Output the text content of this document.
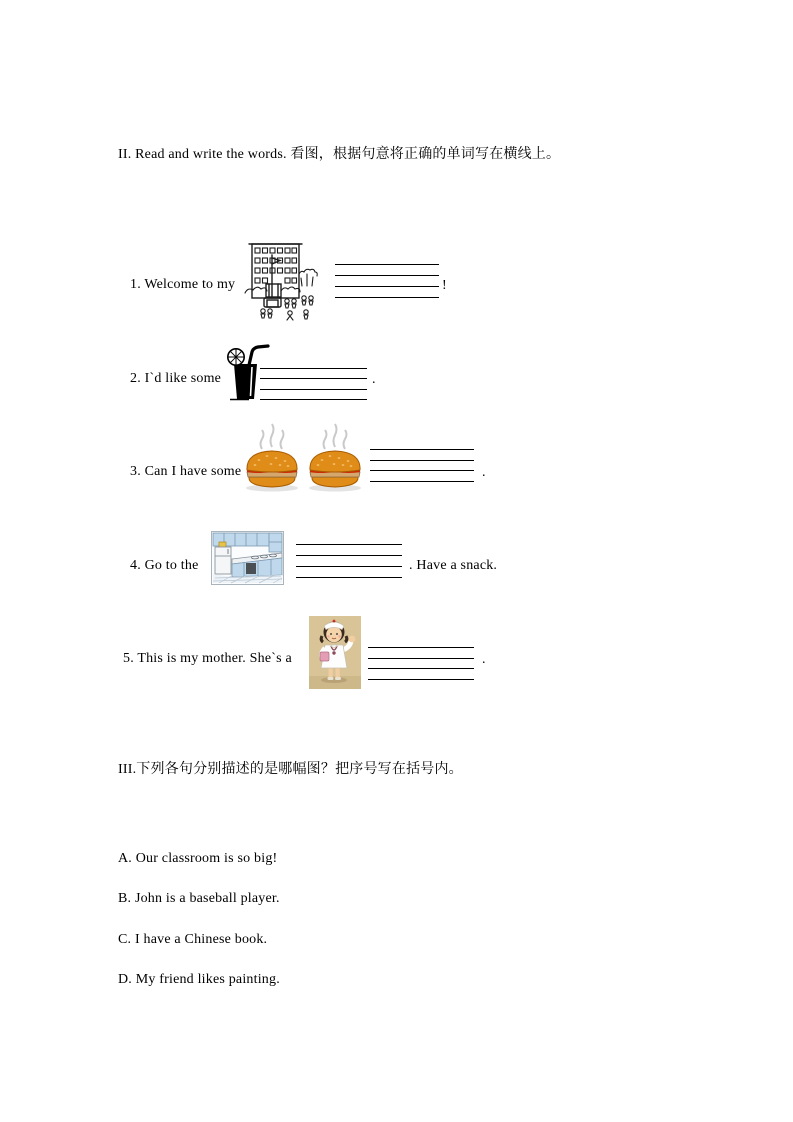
II. Read and write the words. 看图，根据句意将正确的单词写在横线上。
1. Welcome to my	!
2. I`d like some	.
3. Can I have some	.
4. Go to the	. Have a snack.
5. This is my mother. She`s a	.
III.下列各句分别描述的是哪幅图？把序号写在括号内。
A. Our classroom is so big!
B. John is a baseball player.
C. I have a Chinese book.
D. My friend likes painting.
